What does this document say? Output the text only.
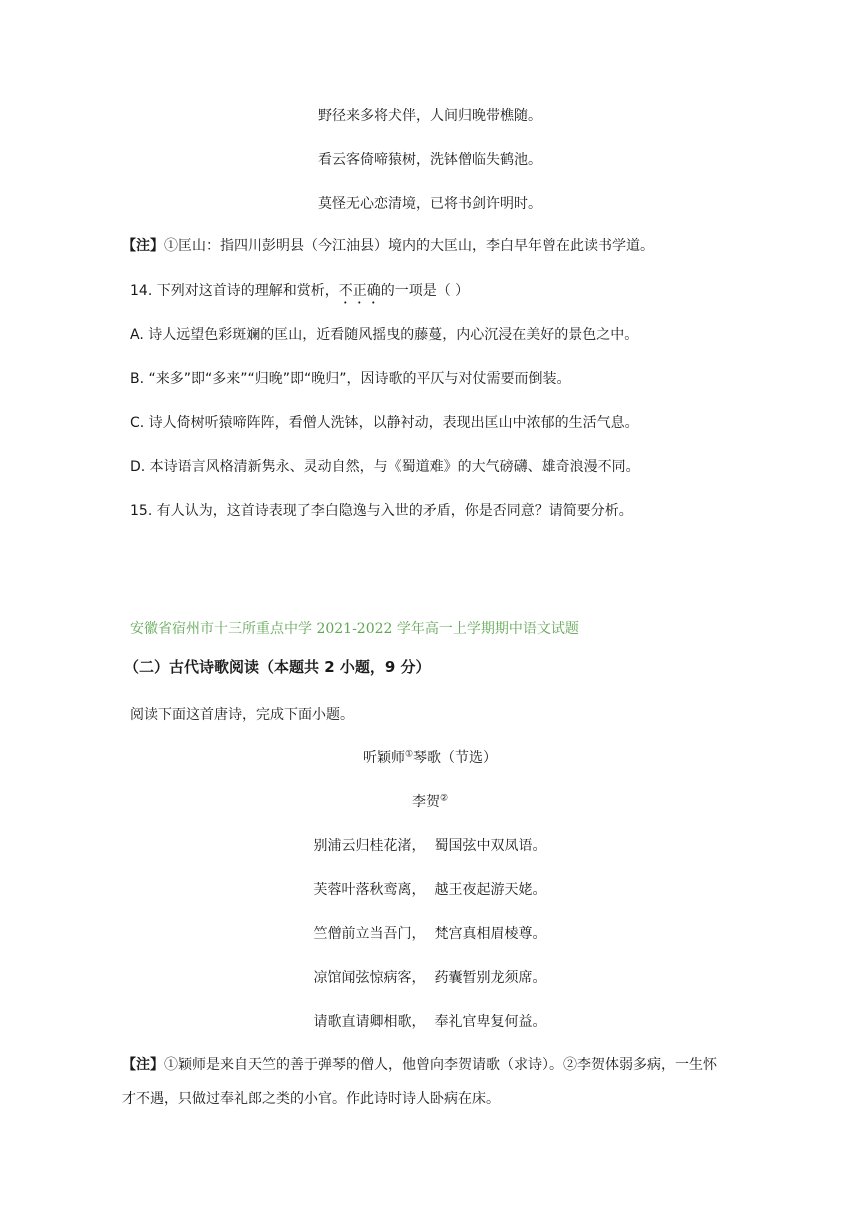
野径来多将犬伴，人间归晚带樵随。
看云客倚啼猿树，洗钵僧临失鹤池。
莫怪无心恋清境，已将书剑许明时。
【注】①匡山：指四川彭明县（今江油县）境内的大匡山，李白早年曾在此读书学道。
14. 下列对这首诗的理解和赏析，不正确的一项是（ ）
A. 诗人远望色彩斑斓的匡山，近看随风摇曳的藤蔓，内心沉浸在美好的景色之中。
B. “来多”即“多来”“归晚”即“晚归”，因诗歌的平仄与对仗需要而倒装。
C. 诗人倚树听猿啼阵阵，看僧人洗钵，以静衬动，表现出匡山中浓郁的生活气息。
D. 本诗语言风格清新隽永、灵动自然，与《蜀道难》的大气磅礴、雄奇浪漫不同。
15. 有人认为，这首诗表现了李白隐逸与入世的矛盾，你是否同意？请简要分析。
安徽省宿州市十三所重点中学 2021-2022 学年高一上学期期中语文试题
（二）古代诗歌阅读（本题共 2 小题，9 分）
阅读下面这首唐诗，完成下面小题。
听颖师①琴歌（节选）
李贺②
别浦云归桂花渚，  蜀国弦中双凤语。
芙蓉叶落秋鸾离，  越王夜起游天姥。
竺僧前立当吾门，  梵宫真相眉棱尊。
凉馆闻弦惊病客，  药囊暂别龙须席。
请歌直请卿相歌，  奉礼官卑复何益。
【注】①颖师是来自天竺的善于弹琴的僧人，他曾向李贺请歌（求诗）。②李贺体弱多病，一生怀才不遇，只做过奉礼郎之类的小官。作此诗时诗人卧病在床。
